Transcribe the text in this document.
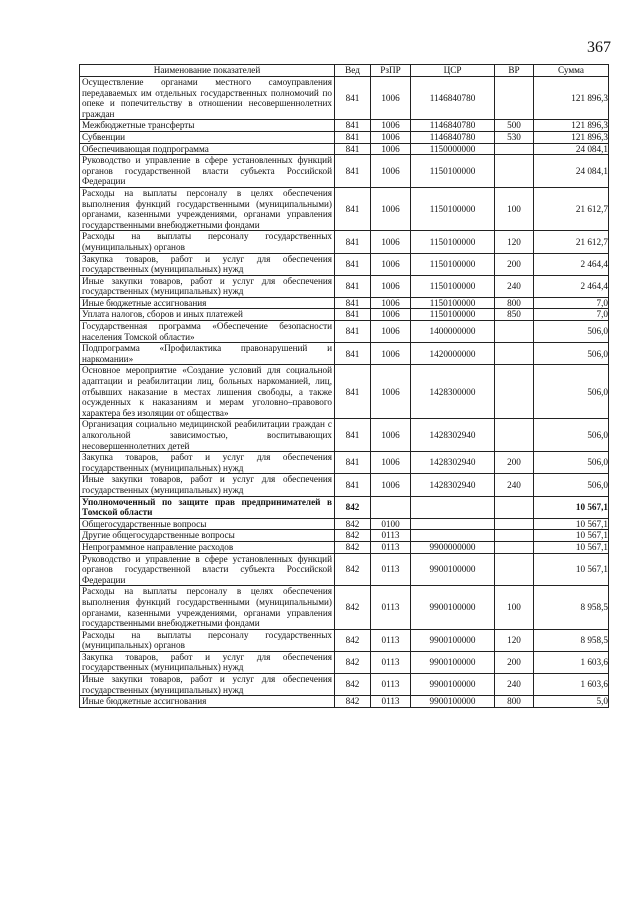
367
Наименование показателей	Вед	РзПР	ЦСР	ВР	Сумма
Осуществление органами местного самоуправления передаваемых им отдельных государственных полномочий по опеке и попечительству в отношении несовершеннолетних граждан	841	1006	1146840780		121 896,3
Межбюджетные трансферты	841	1006	1146840780	500	121 896,3
Субвенции	841	1006	1146840780	530	121 896,3
Обеспечивающая подпрограмма	841	1006	1150000000		24 084,1
Руководство и управление в сфере установленных функций органов государственной власти субъекта Российской Федерации	841	1006	1150100000		24 084,1
Расходы на выплаты персоналу в целях обеспечения выполнения функций государственными (муниципальными) органами, казенными учреждениями, органами управления государственными внебюджетными фондами	841	1006	1150100000	100	21 612,7
Расходы на выплаты персоналу государственных (муниципальных) органов	841	1006	1150100000	120	21 612,7
Закупка товаров, работ и услуг для обеспечения государственных (муниципальных) нужд	841	1006	1150100000	200	2 464,4
Иные закупки товаров, работ и услуг для обеспечения государственных (муниципальных) нужд	841	1006	1150100000	240	2 464,4
Иные бюджетные ассигнования	841	1006	1150100000	800	7,0
Уплата налогов, сборов и иных платежей	841	1006	1150100000	850	7,0
Государственная программа «Обеспечение безопасности населения Томской области»	841	1006	1400000000		506,0
Подпрограмма «Профилактика правонарушений и наркомании»	841	1006	1420000000		506,0
Основное мероприятие «Создание условий для социальной адаптации и реабилитации лиц, больных наркоманией, лиц, отбывших наказание в местах лишения свободы, а также осужденных к наказаниям и мерам уголовно–правового характера без изоляции от общества»	841	1006	1428300000		506,0
Организация социально медицинской реабилитации граждан с алкогольной зависимостью, воспитывающих несовершеннолетних детей	841	1006	1428302940		506,0
Закупка товаров, работ и услуг для обеспечения государственных (муниципальных) нужд	841	1006	1428302940	200	506,0
Иные закупки товаров, работ и услуг для обеспечения государственных (муниципальных) нужд	841	1006	1428302940	240	506,0
Уполномоченный по защите прав предпринимателей в Томской области	842				10 567,1
Общегосударственные вопросы	842	0100			10 567,1
Другие общегосударственные вопросы	842	0113			10 567,1
Непрограммное направление расходов	842	0113	9900000000		10 567,1
Руководство и управление в сфере установленных функций органов государственной власти субъекта Российской Федерации	842	0113	9900100000		10 567,1
Расходы на выплаты персоналу в целях обеспечения выполнения функций государственными (муниципальными) органами, казенными учреждениями, органами управления государственными внебюджетными фондами	842	0113	9900100000	100	8 958,5
Расходы на выплаты персоналу государственных (муниципальных) органов	842	0113	9900100000	120	8 958,5
Закупка товаров, работ и услуг для обеспечения государственных (муниципальных) нужд	842	0113	9900100000	200	1 603,6
Иные закупки товаров, работ и услуг для обеспечения государственных (муниципальных) нужд	842	0113	9900100000	240	1 603,6
Иные бюджетные ассигнования	842	0113	9900100000	800	5,0
